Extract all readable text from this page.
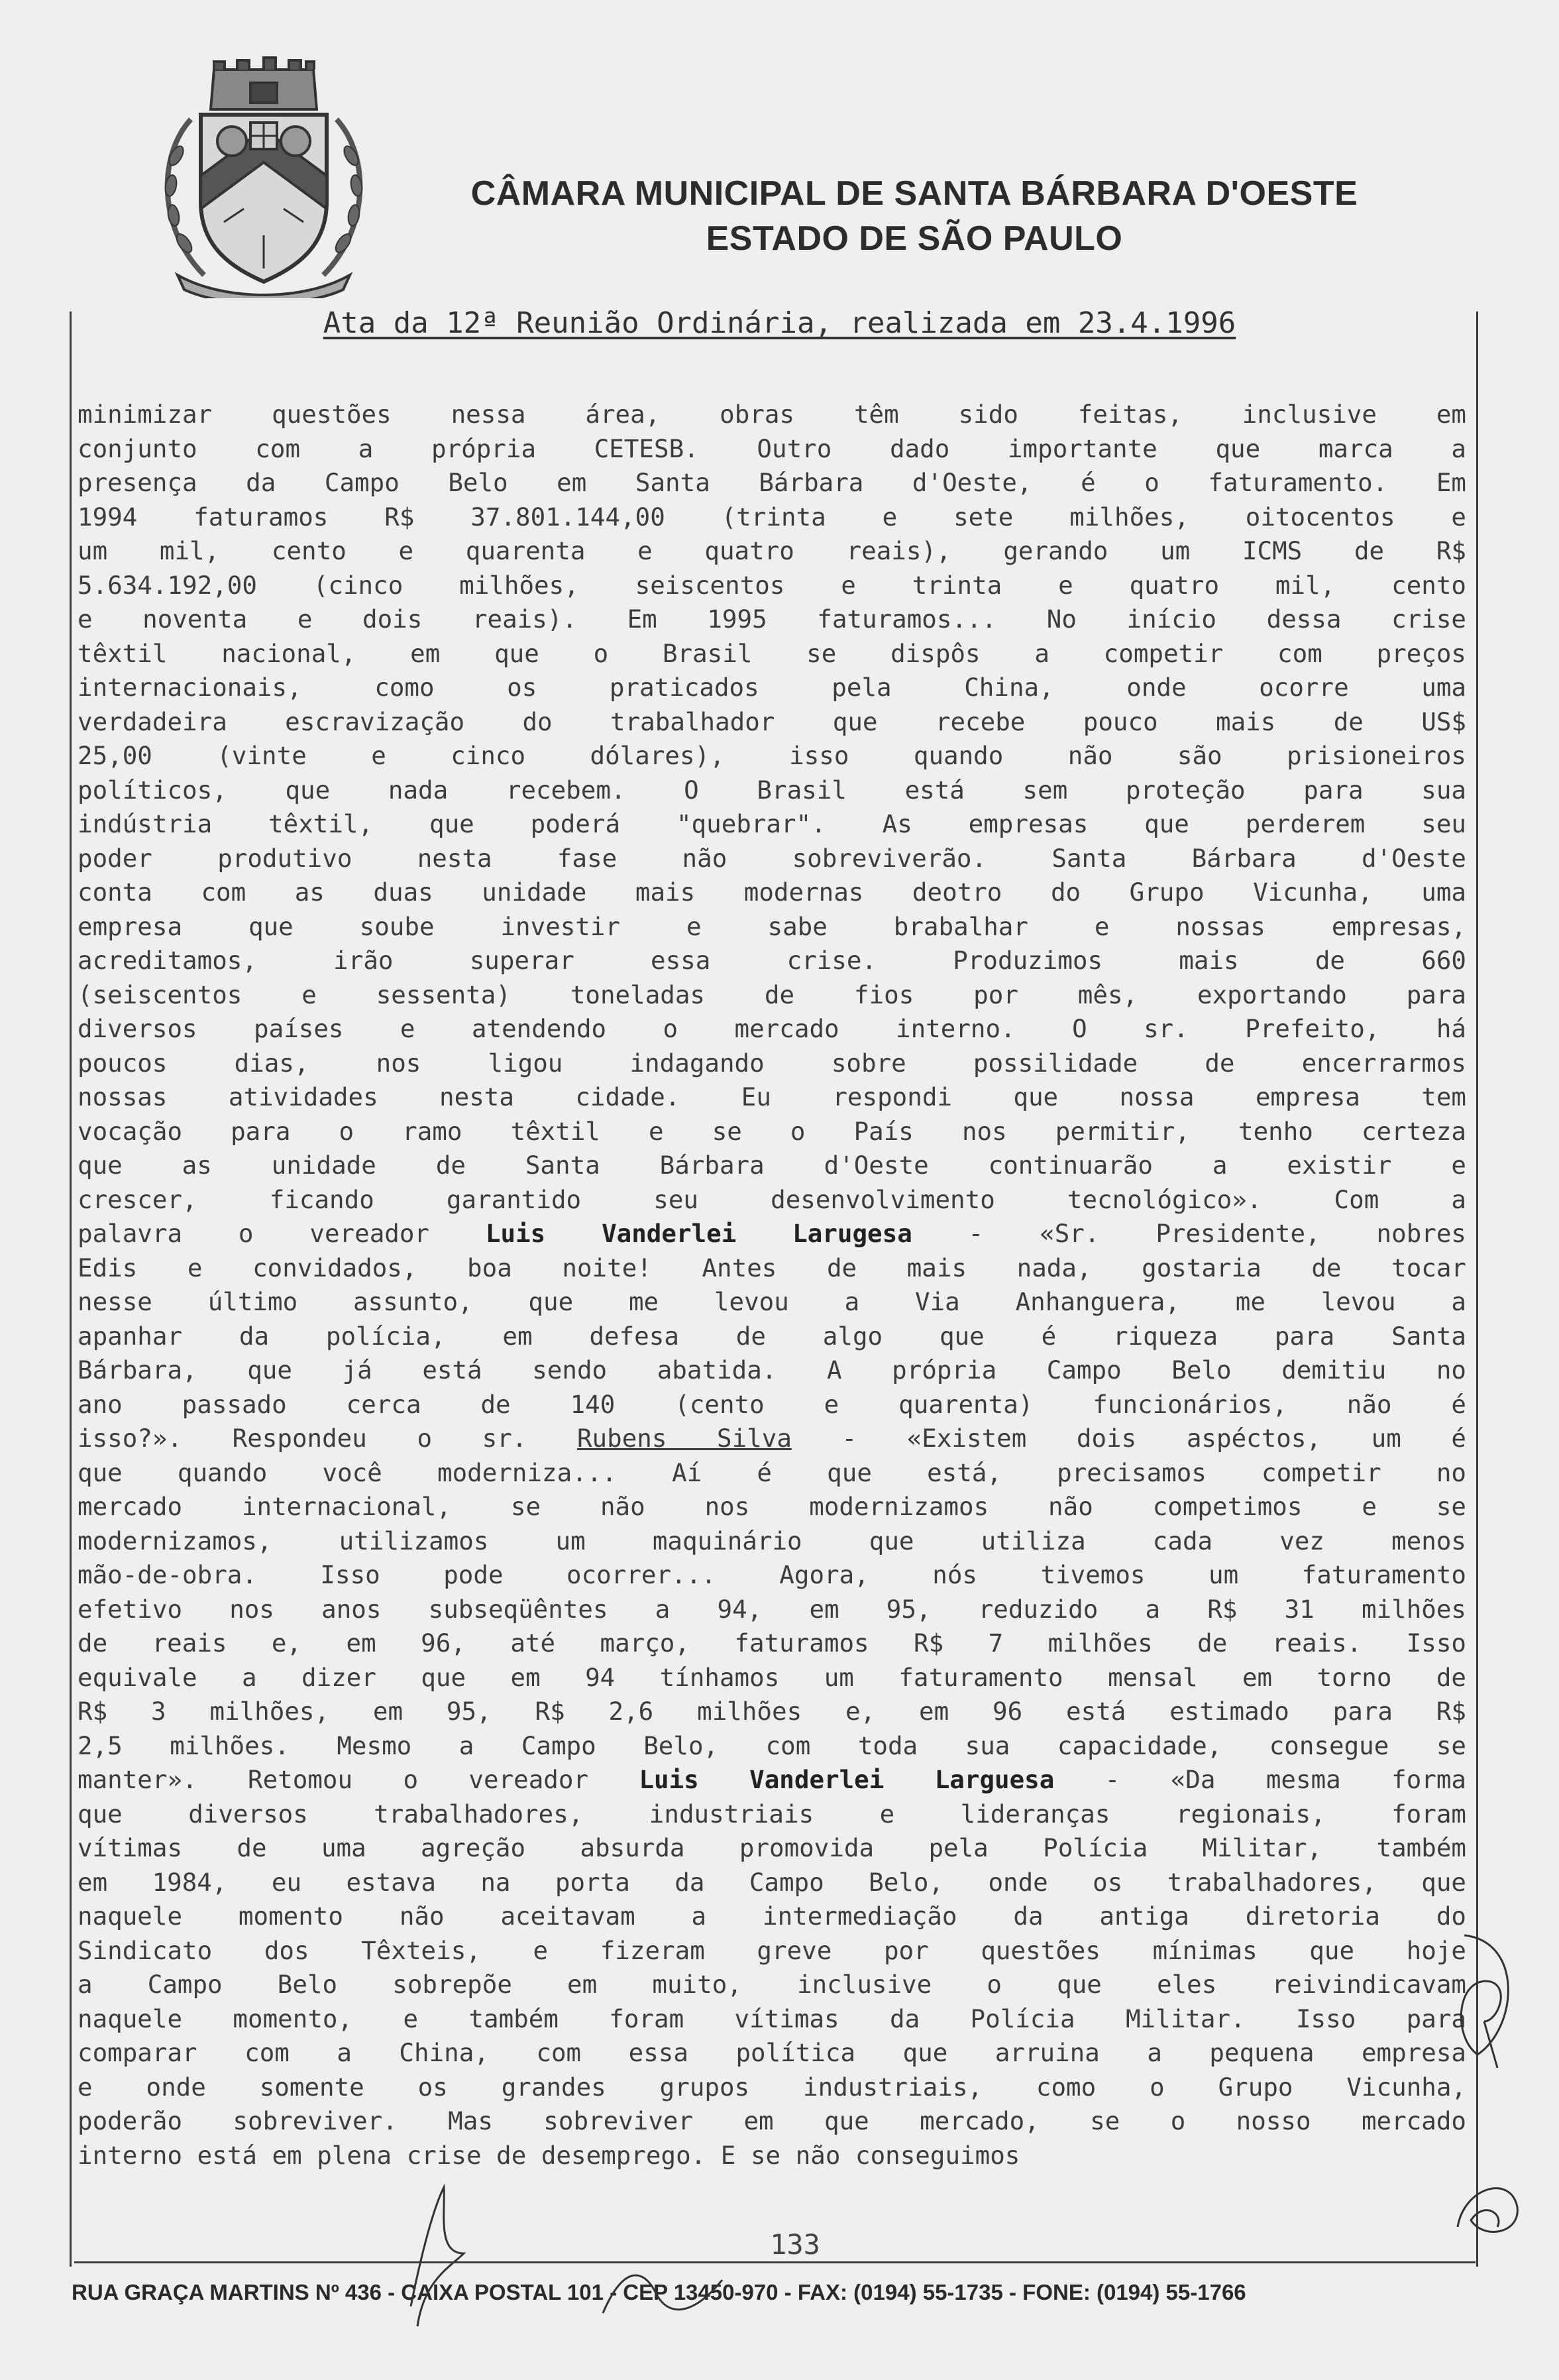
CÂMARA MUNICIPAL DE SANTA BÁRBARA D'OESTE
ESTADO DE SÃO PAULO
Ata da 12ª Reunião Ordinária, realizada em 23.4.1996
minimizar questões nessa área, obras têm sido feitas, inclusive em
conjunto com a própria CETESB. Outro dado importante que marca a
presença da Campo Belo em Santa Bárbara d'Oeste, é o faturamento. Em
1994 faturamos R$ 37.801.144,00 (trinta e sete milhões, oitocentos e
um mil, cento e quarenta e quatro reais), gerando um ICMS de R$
5.634.192,00 (cinco milhões, seiscentos e trinta e quatro mil, cento
e noventa e dois reais). Em 1995 faturamos... No início dessa crise
têxtil nacional, em que o Brasil se dispôs a competir com preços
internacionais, como os praticados pela China, onde ocorre uma
verdadeira escravização do trabalhador que recebe pouco mais de US$
25,00 (vinte e cinco dólares), isso quando não são prisioneiros
políticos, que nada recebem. O Brasil está sem proteção para sua
indústria têxtil, que poderá "quebrar". As empresas que perderem seu
poder produtivo nesta fase não sobreviverão. Santa Bárbara d'Oeste
conta com as duas unidade mais modernas deotro do Grupo Vicunha, uma
empresa que soube investir e sabe brabalhar e nossas empresas,
acreditamos, irão superar essa crise. Produzimos mais de 660
(seiscentos e sessenta) toneladas de fios por mês, exportando para
diversos países e atendendo o mercado interno. O sr. Prefeito, há
poucos dias, nos ligou indagando sobre possilidade de encerrarmos
nossas atividades nesta cidade. Eu respondi que nossa empresa tem
vocação para o ramo têxtil e se o País nos permitir, tenho certeza
que as unidade de Santa Bárbara d'Oeste continuarão a existir e
crescer, ficando garantido seu desenvolvimento tecnológico». Com a
palavra o vereador Luis Vanderlei Larugesa - «Sr. Presidente, nobres
Edis e convidados, boa noite! Antes de mais nada, gostaria de tocar
nesse último assunto, que me levou a Via Anhanguera, me levou a
apanhar da polícia, em defesa de algo que é riqueza para Santa
Bárbara, que já está sendo abatida. A própria Campo Belo demitiu no
ano passado cerca de 140 (cento e quarenta) funcionários, não é
isso?». Respondeu o sr. Rubens Silva - «Existem dois aspéctos, um é
que quando você moderniza... Aí é que está, precisamos competir no
mercado internacional, se não nos modernizamos não competimos e se
modernizamos, utilizamos um maquinário que utiliza cada vez menos
mão-de-obra. Isso pode ocorrer... Agora, nós tivemos um faturamento
efetivo nos anos subseqüêntes a 94, em 95, reduzido a R$ 31 milhões
de reais e, em 96, até março, faturamos R$ 7 milhões de reais. Isso
equivale a dizer que em 94 tínhamos um faturamento mensal em torno de
R$ 3 milhões, em 95, R$ 2,6 milhões e, em 96 está estimado para R$
2,5 milhões. Mesmo a Campo Belo, com toda sua capacidade, consegue se
manter». Retomou o vereador Luis Vanderlei Larguesa - «Da mesma forma
que diversos trabalhadores, industriais e lideranças regionais, foram
vítimas de uma agreção absurda promovida pela Polícia Militar, também
em 1984, eu estava na porta da Campo Belo, onde os trabalhadores, que
naquele momento não aceitavam a intermediação da antiga diretoria do
Sindicato dos Têxteis, e fizeram greve por questões mínimas que hoje
a Campo Belo sobrepõe em muito, inclusive o que eles reivindicavam
naquele momento, e também foram vítimas da Polícia Militar. Isso para
comparar com a China, com essa política que arruina a pequena empresa
e onde somente os grandes grupos industriais, como o Grupo Vicunha,
poderão sobreviver. Mas sobreviver em que mercado, se o nosso mercado
interno está em plena crise de desemprego. E se não conseguimos
133
RUA GRAÇA MARTINS Nº 436 - CAIXA POSTAL 101 - CEP 13450-970 - FAX: (0194) 55-1735 - FONE: (0194) 55-1766
